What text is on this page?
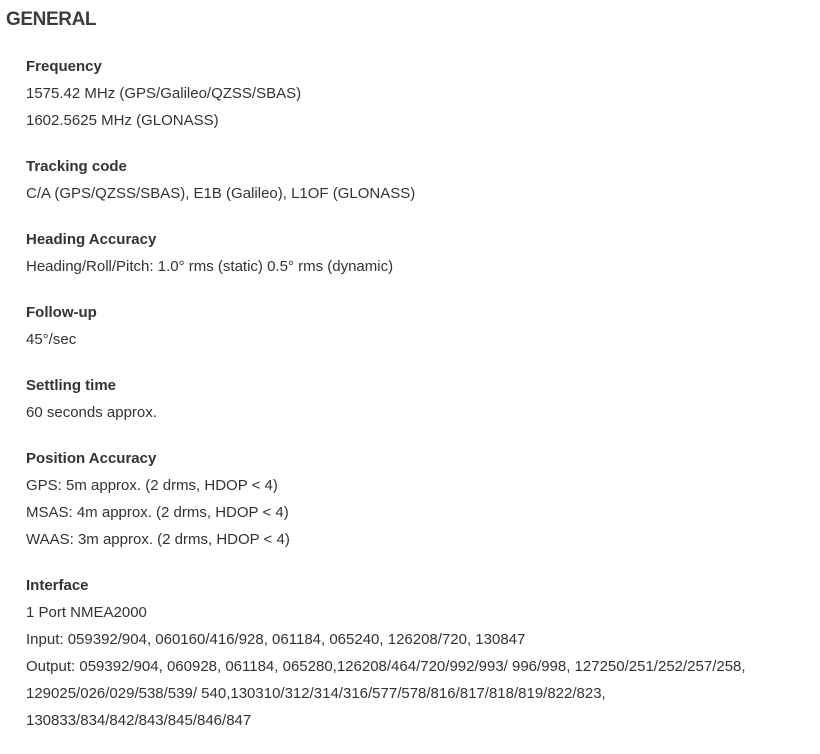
GENERAL
Frequency
1575.42 MHz (GPS/Galileo/QZSS/SBAS)
1602.5625 MHz (GLONASS)
Tracking code
C/A (GPS/QZSS/SBAS), E1B (Galileo), L1OF (GLONASS)
Heading Accuracy
Heading/Roll/Pitch: 1.0° rms (static) 0.5° rms (dynamic)
Follow-up
45°/sec
Settling time
60 seconds approx.
Position Accuracy
GPS: 5m approx. (2 drms, HDOP < 4)
MSAS: 4m approx. (2 drms, HDOP < 4)
WAAS: 3m approx. (2 drms, HDOP < 4)
Interface
1 Port NMEA2000
Input: 059392/904, 060160/416/928, 061184, 065240, 126208/720, 130847
Output: 059392/904, 060928, 061184, 065280,126208/464/720/992/993/ 996/998, 127250/251/252/257/258,
129025/026/029/538/539/ 540,130310/312/314/316/577/578/816/817/818/819/822/823,
130833/834/842/843/845/846/847
